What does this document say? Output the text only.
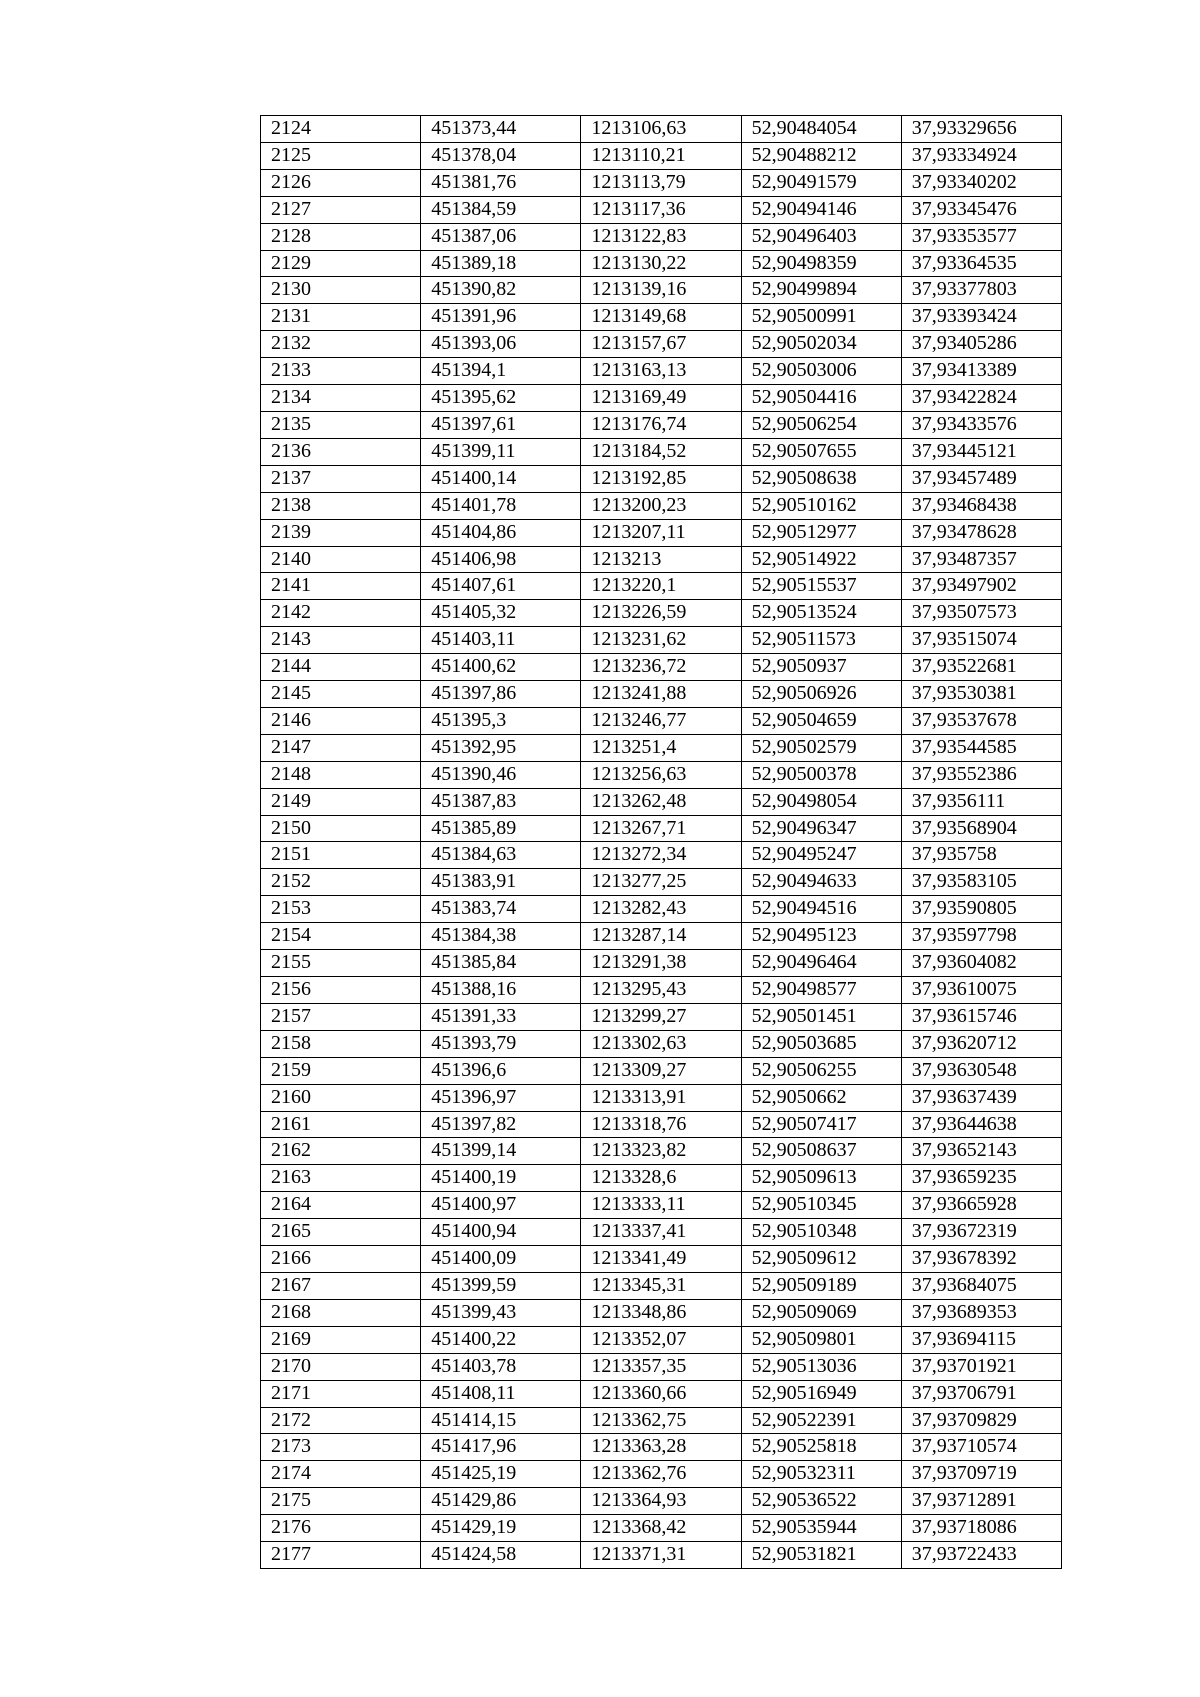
2124	451373,44	1213106,63	52,90484054	37,93329656
2125	451378,04	1213110,21	52,90488212	37,93334924
2126	451381,76	1213113,79	52,90491579	37,93340202
2127	451384,59	1213117,36	52,90494146	37,93345476
2128	451387,06	1213122,83	52,90496403	37,93353577
2129	451389,18	1213130,22	52,90498359	37,93364535
2130	451390,82	1213139,16	52,90499894	37,93377803
2131	451391,96	1213149,68	52,90500991	37,93393424
2132	451393,06	1213157,67	52,90502034	37,93405286
2133	451394,1	1213163,13	52,90503006	37,93413389
2134	451395,62	1213169,49	52,90504416	37,93422824
2135	451397,61	1213176,74	52,90506254	37,93433576
2136	451399,11	1213184,52	52,90507655	37,93445121
2137	451400,14	1213192,85	52,90508638	37,93457489
2138	451401,78	1213200,23	52,90510162	37,93468438
2139	451404,86	1213207,11	52,90512977	37,93478628
2140	451406,98	1213213	52,90514922	37,93487357
2141	451407,61	1213220,1	52,90515537	37,93497902
2142	451405,32	1213226,59	52,90513524	37,93507573
2143	451403,11	1213231,62	52,90511573	37,93515074
2144	451400,62	1213236,72	52,9050937	37,93522681
2145	451397,86	1213241,88	52,90506926	37,93530381
2146	451395,3	1213246,77	52,90504659	37,93537678
2147	451392,95	1213251,4	52,90502579	37,93544585
2148	451390,46	1213256,63	52,90500378	37,93552386
2149	451387,83	1213262,48	52,90498054	37,9356111
2150	451385,89	1213267,71	52,90496347	37,93568904
2151	451384,63	1213272,34	52,90495247	37,935758
2152	451383,91	1213277,25	52,90494633	37,93583105
2153	451383,74	1213282,43	52,90494516	37,93590805
2154	451384,38	1213287,14	52,90495123	37,93597798
2155	451385,84	1213291,38	52,90496464	37,93604082
2156	451388,16	1213295,43	52,90498577	37,93610075
2157	451391,33	1213299,27	52,90501451	37,93615746
2158	451393,79	1213302,63	52,90503685	37,93620712
2159	451396,6	1213309,27	52,90506255	37,93630548
2160	451396,97	1213313,91	52,9050662	37,93637439
2161	451397,82	1213318,76	52,90507417	37,93644638
2162	451399,14	1213323,82	52,90508637	37,93652143
2163	451400,19	1213328,6	52,90509613	37,93659235
2164	451400,97	1213333,11	52,90510345	37,93665928
2165	451400,94	1213337,41	52,90510348	37,93672319
2166	451400,09	1213341,49	52,90509612	37,93678392
2167	451399,59	1213345,31	52,90509189	37,93684075
2168	451399,43	1213348,86	52,90509069	37,93689353
2169	451400,22	1213352,07	52,90509801	37,93694115
2170	451403,78	1213357,35	52,90513036	37,93701921
2171	451408,11	1213360,66	52,90516949	37,93706791
2172	451414,15	1213362,75	52,90522391	37,93709829
2173	451417,96	1213363,28	52,90525818	37,93710574
2174	451425,19	1213362,76	52,90532311	37,93709719
2175	451429,86	1213364,93	52,90536522	37,93712891
2176	451429,19	1213368,42	52,90535944	37,93718086
2177	451424,58	1213371,31	52,90531821	37,93722433
